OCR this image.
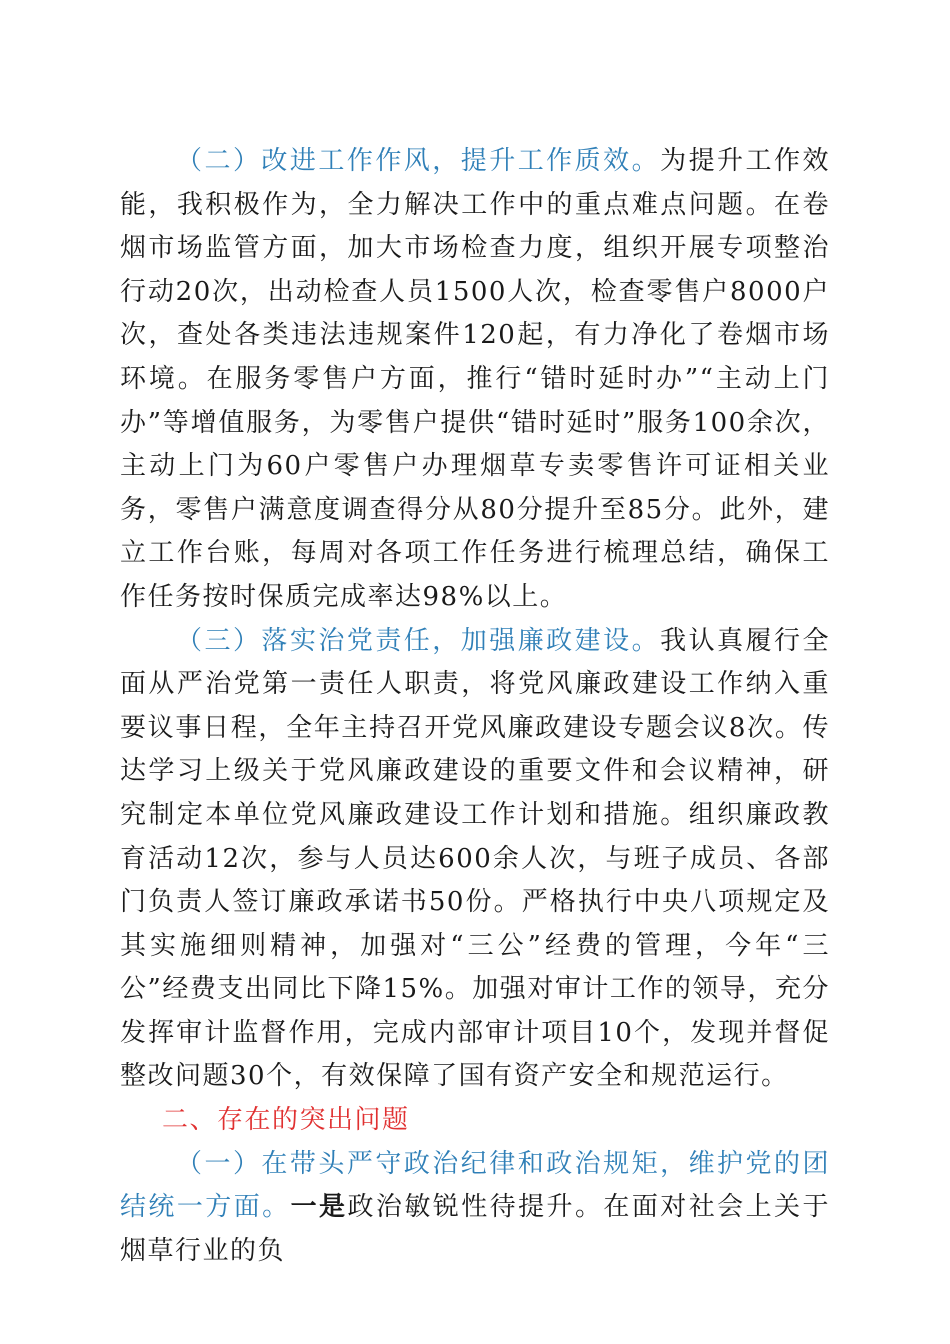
（二）改进工作作风，提升工作质效。为提升工作效能，我积极作为，全力解决工作中的重点难点问题。在卷烟市场监管方面，加大市场检查力度，组织开展专项整治行动20次，出动检查人员1500人次，检查零售户8000户次，查处各类违法违规案件120起，有力净化了卷烟市场环境。在服务零售户方面，推行“错时延时办”“主动上门办”等增值服务，为零售户提供“错时延时”服务100余次，主动上门为60户零售户办理烟草专卖零售许可证相关业务，零售户满意度调查得分从80分提升至85分。此外，建立工作台账，每周对各项工作任务进行梳理总结，确保工作任务按时保质完成率达98%以上。

（三）落实治党责任，加强廉政建设。我认真履行全面从严治党第一责任人职责，将党风廉政建设工作纳入重要议事日程，全年主持召开党风廉政建设专题会议8次。传达学习上级关于党风廉政建设的重要文件和会议精神，研究制定本单位党风廉政建设工作计划和措施。组织廉政教育活动12次，参与人员达600余人次，与班子成员、各部门负责人签订廉政承诺书50份。严格执行中央八项规定及其实施细则精神，加强对“三公”经费的管理，今年“三公”经费支出同比下降15%。加强对审计工作的领导，充分发挥审计监督作用，完成内部审计项目10个，发现并督促整改问题30个，有效保障了国有资产安全和规范运行。

二、存在的突出问题

（一）在带头严守政治纪律和政治规矩，维护党的团结统一方面。一是政治敏锐性待提升。在面对社会上关于烟草行业的负
